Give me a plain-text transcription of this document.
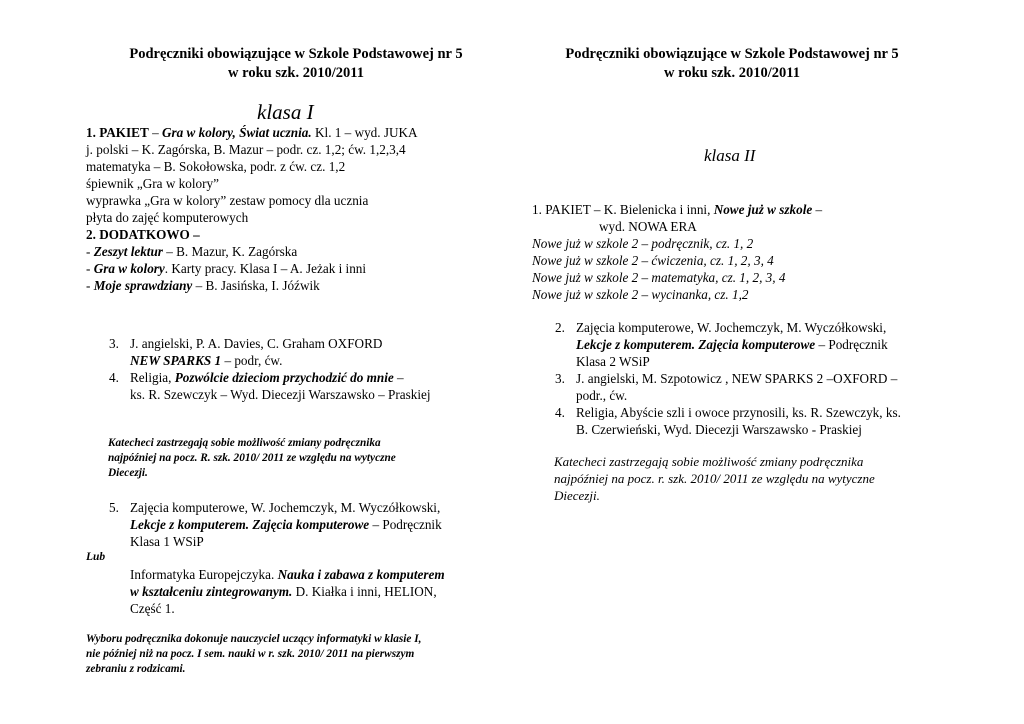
Podręczniki obowiązujące w Szkole Podstawowej nr 5
w roku szk. 2010/2011
klasa I
1. PAKIET – Gra w kolory, Świat ucznia. Kl. 1 – wyd. JUKA
j. polski – K. Zagórska, B. Mazur – podr. cz. 1,2; ćw. 1,2,3,4
matematyka – B. Sokołowska, podr. z ćw. cz. 1,2
śpiewnik „Gra w kolory”
wyprawka „Gra w kolory” zestaw pomocy dla ucznia
płyta do zajęć komputerowych
2. DODATKOWO –
- Zeszyt lektur – B. Mazur, K. Zagórska
- Gra w kolory. Karty pracy. Klasa I – A. Jeżak i inni
- Moje sprawdziany – B. Jasińska, I. Jóźwik
3. J. angielski, P. A. Davies, C. Graham OXFORD
NEW SPARKS 1 – podr, ćw.
4. Religia, Pozwólcie dzieciom przychodzić do mnie –
ks. R. Szewczyk – Wyd. Diecezji Warszawsko – Praskiej
Katecheci zastrzegają sobie możliwość zmiany podręcznika
najpóźniej na pocz. R. szk. 2010/ 2011 ze względu na wytyczne
Diecezji.
5. Zajęcia komputerowe, W. Jochemczyk, M. Wyczółkowski,
Lekcje z komputerem. Zajęcia komputerowe – Podręcznik
Klasa 1 WSiP
Lub
Informatyka Europejczyka. Nauka i zabawa z komputerem
w kształceniu zintegrowanym. D. Kiałka i inni, HELION,
Część 1.
Wyboru podręcznika dokonuje nauczyciel uczący informatyki w klasie I,
nie później niż na pocz. I sem. nauki w r. szk. 2010/ 2011 na pierwszym
zebraniu z rodzicami.
Podręczniki obowiązujące w Szkole Podstawowej nr 5
w roku szk. 2010/2011
klasa II
1. PAKIET – K. Bielenicka i inni, Nowe już w szkole –
wyd. NOWA ERA
Nowe już w szkole 2 – podręcznik, cz. 1, 2
Nowe już w szkole 2 – ćwiczenia, cz. 1, 2, 3, 4
Nowe już w szkole 2 – matematyka, cz. 1, 2, 3, 4
Nowe już w szkole 2 – wycinanka, cz. 1,2
2. Zajęcia komputerowe, W. Jochemczyk, M. Wyczółkowski,
Lekcje z komputerem. Zajęcia komputerowe – Podręcznik
Klasa 2 WSiP
3. J. angielski, M. Szpotowicz , NEW SPARKS 2 –OXFORD –
podr., ćw.
4. Religia, Abyście szli i owoce przynosili, ks. R. Szewczyk, ks.
B. Czerwieński, Wyd. Diecezji Warszawsko - Praskiej
Katecheci zastrzegają sobie możliwość zmiany podręcznika
najpóźniej na pocz. r. szk. 2010/ 2011 ze względu na wytyczne
Diecezji.
